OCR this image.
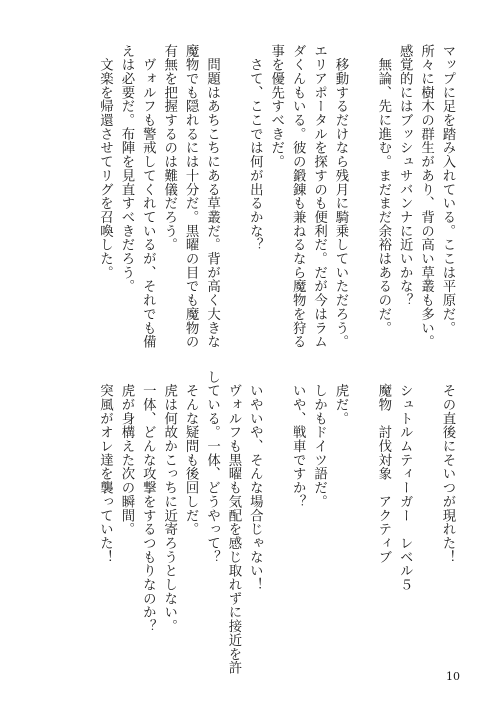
マップに足を踏み入れている。ここは平原だ。
所々に樹木の群生があり、背の高い草叢も多い。
感覚的にはブッシュサバンナに近いかな？
　無論、先に進む。まだまだ余裕はあるのだ。

　移動するだけなら残月に騎乗していただろう。
エリアポータルを探すのも便利だ。だが今はラム
ダくんもいる。彼の鍛錬も兼ねるなら魔物を狩る
事を優先すべきだ。
　さて、ここでは何が出るかな？

　問題はあちこちにある草叢だ。背が高く大きな
魔物でも隠れるには十分だ。黒曜の目でも魔物の
有無を把握するのは難儀だろう。
　ヴォルフも警戒してくれているが、それでも備
えは必要だ。布陣を見直すべきだろう。
　文楽を帰還させてリグを召喚した。
　その直後にそいつが現れた！

　シュトルムティーガー　レベル５
　魔物　討伐対象　アクティブ

　虎だ。
　しかもドイツ語だ。
　いや、戦車ですか？

　いやいや、そんな場合じゃない！
　ヴォルフも黒曜も気配を感じ取れずに接近を許
している。一体、どうやって？
　そんな疑問も後回しだ。
　虎は何故かこっちに近寄ろうとしない。
　一体、どんな攻撃をするつもりなのか？
　虎が身構えた次の瞬間。
　突風がオレ達を襲っていた！
10
